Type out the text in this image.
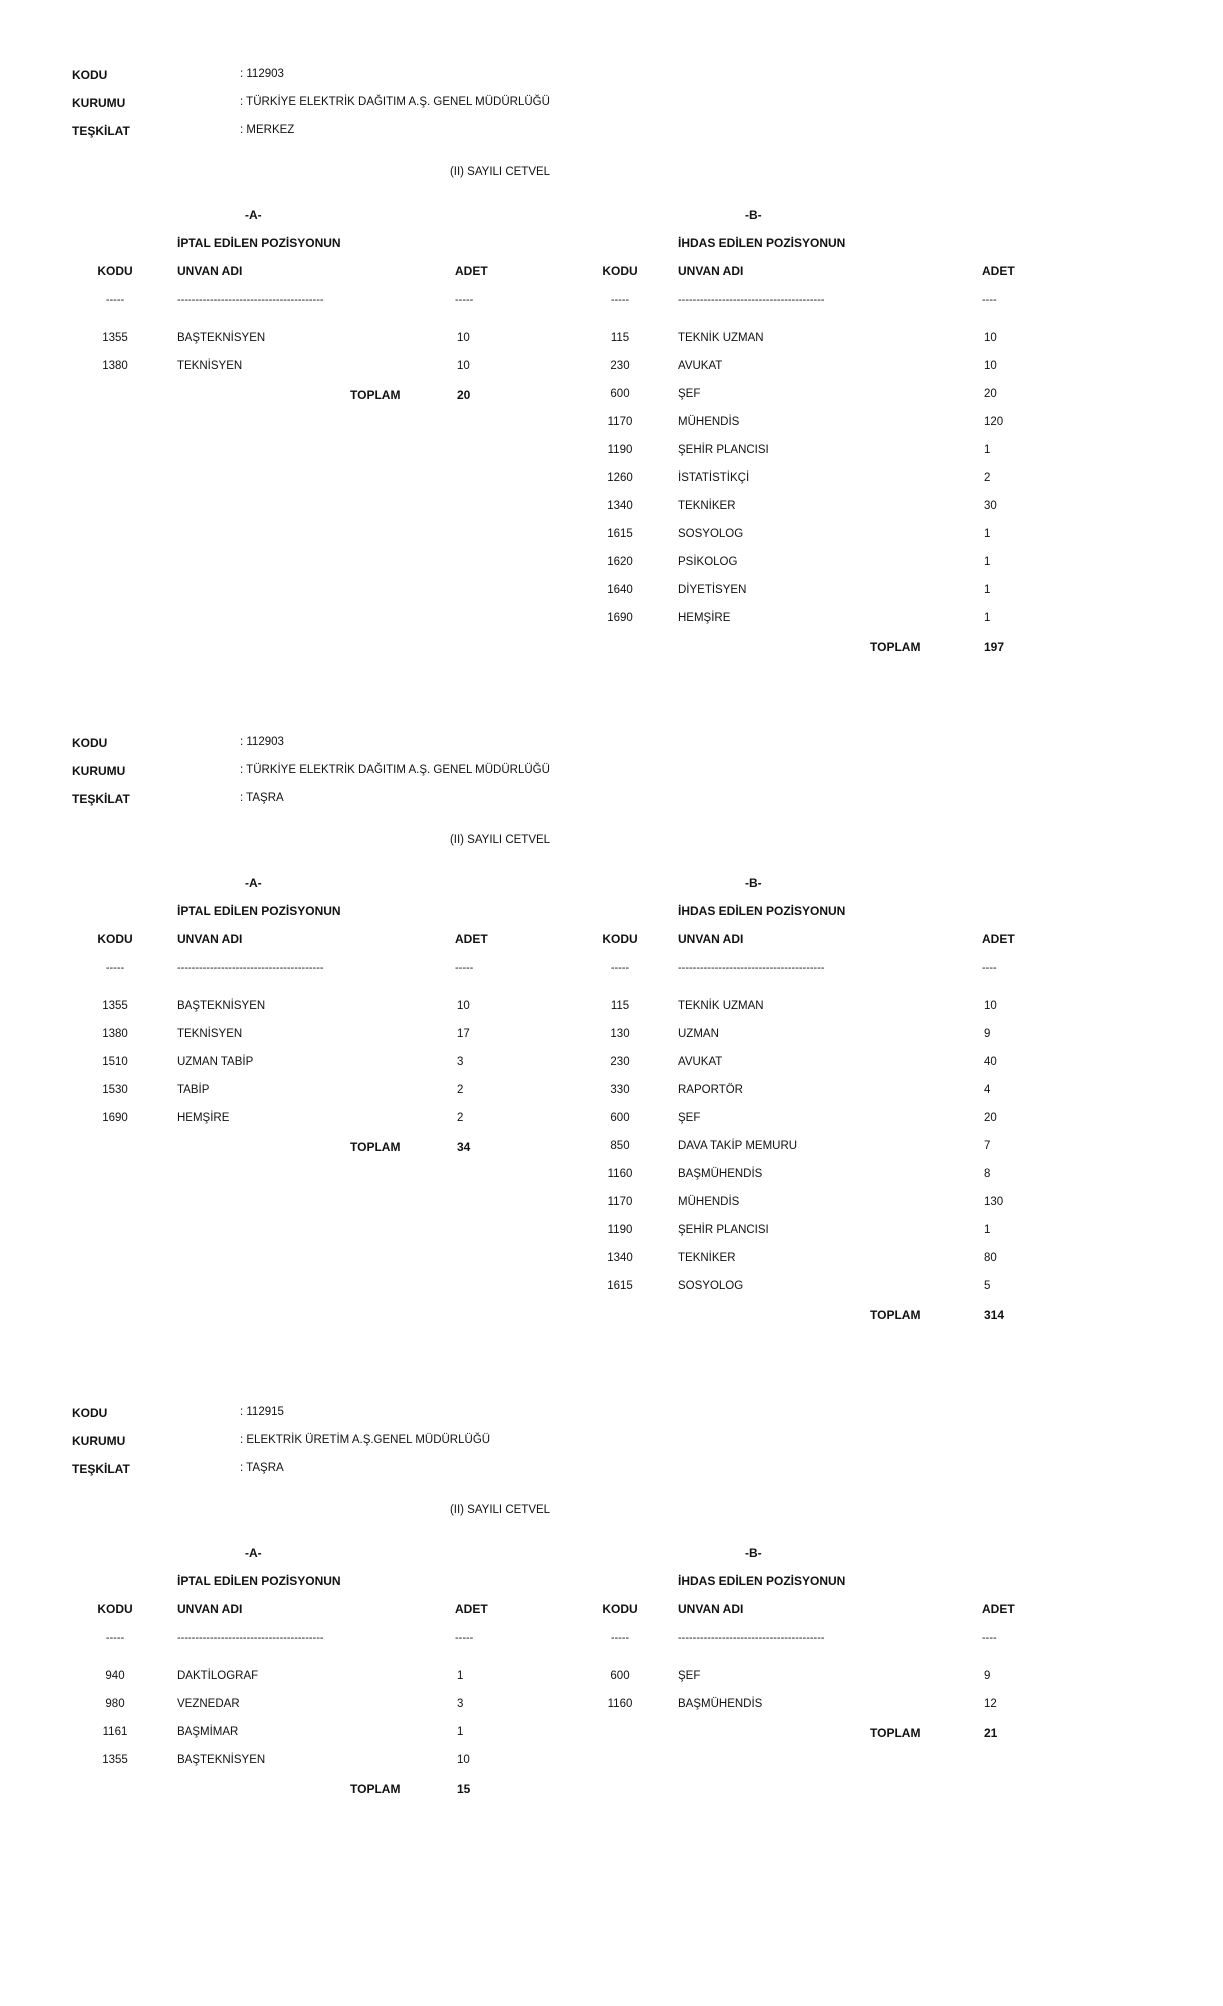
KODU	: 112903
KURUMU	: TÜRKİYE ELEKTRİK DAĞITIM A.Ş. GENEL MÜDÜRLÜĞÜ
TEŞKİLAT	: MERKEZ
(II) SAYILI CETVEL
-A-
İPTAL EDİLEN POZİSYONUN
KODU	UNVAN ADI	ADET
-----	----------------------------------------	-----
1355	BAŞTEKNİSYEN	10
1380	TEKNİSYEN	10
TOPLAM	20
-B-
İHDAS EDİLEN POZİSYONUN
KODU	UNVAN ADI	ADET
-----	----------------------------------------	----
115	TEKNİK UZMAN	10
230	AVUKAT	10
600	ŞEF	20
1170	MÜHENDİS	120
1190	ŞEHİR PLANCISI	1
1260	İSTATİSTİKÇİ	2
1340	TEKNİKER	30
1615	SOSYOLOG	1
1620	PSİKOLOG	1
1640	DİYETİSYEN	1
1690	HEMŞİRE	1
TOPLAM	197
KODU	: 112903
KURUMU	: TÜRKİYE ELEKTRİK DAĞITIM A.Ş. GENEL MÜDÜRLÜĞÜ
TEŞKİLAT	: TAŞRA
(II) SAYILI CETVEL
-A-
İPTAL EDİLEN POZİSYONUN
KODU	UNVAN ADI	ADET
-----	----------------------------------------	-----
1355	BAŞTEKNİSYEN	10
1380	TEKNİSYEN	17
1510	UZMAN TABİP	3
1530	TABİP	2
1690	HEMŞİRE	2
TOPLAM	34
-B-
İHDAS EDİLEN POZİSYONUN
KODU	UNVAN ADI	ADET
-----	----------------------------------------	----
115	TEKNİK UZMAN	10
130	UZMAN	9
230	AVUKAT	40
330	RAPORTÖR	4
600	ŞEF	20
850	DAVA TAKİP MEMURU	7
1160	BAŞMÜHENDİS	8
1170	MÜHENDİS	130
1190	ŞEHİR PLANCISI	1
1340	TEKNİKER	80
1615	SOSYOLOG	5
TOPLAM	314
KODU	: 112915
KURUMU	: ELEKTRİK ÜRETİM A.Ş.GENEL MÜDÜRLÜĞÜ
TEŞKİLAT	: TAŞRA
(II) SAYILI CETVEL
-A-
İPTAL EDİLEN POZİSYONUN
KODU	UNVAN ADI	ADET
-----	----------------------------------------	-----
940	DAKTİLOGRAF	1
980	VEZNEDAR	3
1161	BAŞMİMAR	1
1355	BAŞTEKNİSYEN	10
TOPLAM	15
-B-
İHDAS EDİLEN POZİSYONUN
KODU	UNVAN ADI	ADET
-----	----------------------------------------	----
600	ŞEF	9
1160	BAŞMÜHENDİS	12
TOPLAM	21
